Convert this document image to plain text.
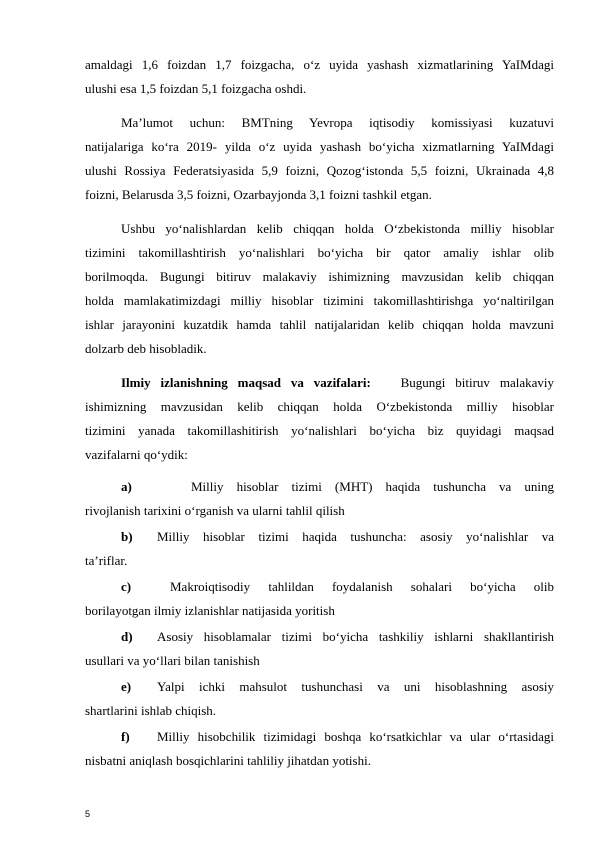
amaldagi 1,6 foizdan 1,7 foizgacha, o‘z uyida yashash xizmatlarining YaIMdagi
ulushi esa 1,5 foizdan 5,1 foizgacha oshdi.
Ma’lumot uchun: BMTning Yevropa iqtisodiy komissiyasi kuzatuvi
natijalariga ko‘ra 2019- yilda o‘z uyida yashash bo‘yicha xizmatlarning YaIMdagi
ulushi Rossiya Federatsiyasida 5,9 foizni, Qozog‘istonda 5,5 foizni, Ukrainada 4,8
foizni, Belarusda 3,5 foizni, Ozarbayjonda 3,1 foizni tashkil etgan.
Ushbu yo‘nalishlardan kelib chiqqan holda O‘zbekistonda milliy hisoblar
tizimini takomillashtirish yo‘nalishlari bo‘yicha bir qator amaliy ishlar olib
borilmoqda. Bugungi bitiruv malakaviy ishimizning mavzusidan kelib chiqqan
holda mamlakatimizdagi milliy hisoblar tizimini takomillashtirishga yo‘naltirilgan
ishlar jarayonini kuzatdik hamda tahlil natijalaridan kelib chiqqan holda mavzuni
dolzarb deb hisobladik.
Ilmiy izlanishning maqsad va vazifalari: Bugungi bitiruv malakaviy
ishimizning mavzusidan kelib chiqqan holda O‘zbekistonda milliy hisoblar
tizimini yanada takomillashitirish yo‘nalishlari bo‘yicha biz quyidagi maqsad
vazifalarni qo‘ydik:
a)	Milliy hisoblar tizimi (MHT) haqida tushuncha va uning
rivojlanish tarixini o‘rganish va ularni tahlil qilish
b)	Milliy hisoblar tizimi haqida tushuncha: asosiy yo‘nalishlar va
ta’riflar.
c)	Makroiqtisodiy tahlildan foydalanish sohalari bo‘yicha olib
borilayotgan ilmiy izlanishlar natijasida yoritish
d)	Asosiy hisoblamalar tizimi bo‘yicha tashkiliy ishlarni shakllantirish
usullari va yo‘llari bilan tanishish
e)	Yalpi ichki mahsulot tushunchasi va uni hisoblashning asosiy
shartlarini ishlab chiqish.
f)	Milliy hisobchilik tizimidagi boshqa ko‘rsatkichlar va ular o‘rtasidagi
nisbatni aniqlash bosqichlarini tahliliy jihatdan yotishi.
5
